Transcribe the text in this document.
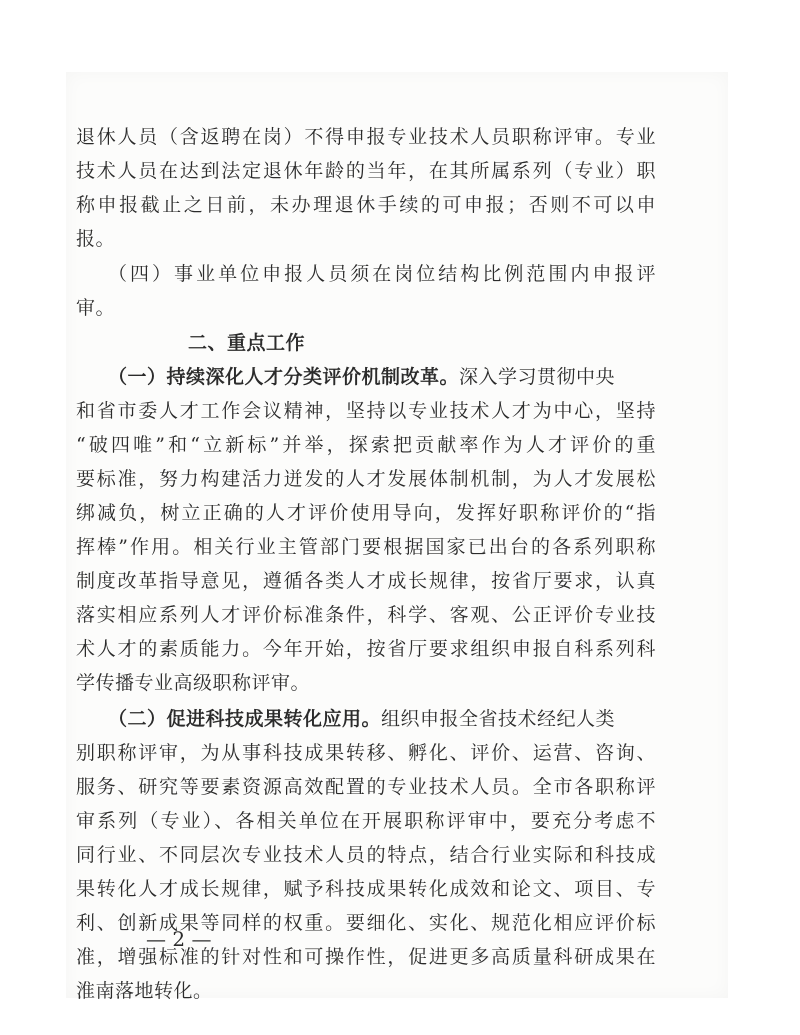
退休人员（含返聘在岗）不得申报专业技术人员职称评审。专业
技术人员在达到法定退休年龄的当年，在其所属系列（专业）职
称申报截止之日前，未办理退休手续的可申报；否则不可以申
报。
（四）事业单位申报人员须在岗位结构比例范围内申报评
审。
二、重点工作
（一）持续深化人才分类评价机制改革。深入学习贯彻中央
和省市委人才工作会议精神，坚持以专业技术人才为中心，坚持
“破四唯”和“立新标”并举，探索把贡献率作为人才评价的重
要标准，努力构建活力迸发的人才发展体制机制，为人才发展松
绑减负，树立正确的人才评价使用导向，发挥好职称评价的“指
挥棒”作用。相关行业主管部门要根据国家已出台的各系列职称
制度改革指导意见，遵循各类人才成长规律，按省厅要求，认真
落实相应系列人才评价标准条件，科学、客观、公正评价专业技
术人才的素质能力。今年开始，按省厅要求组织申报自科系列科
学传播专业高级职称评审。
（二）促进科技成果转化应用。组织申报全省技术经纪人类
别职称评审，为从事科技成果转移、孵化、评价、运营、咨询、
服务、研究等要素资源高效配置的专业技术人员。全市各职称评
审系列（专业）、各相关单位在开展职称评审中，要充分考虑不
同行业、不同层次专业技术人员的特点，结合行业实际和科技成
果转化人才成长规律，赋予科技成果转化成效和论文、项目、专
利、创新成果等同样的权重。要细化、实化、规范化相应评价标
准，增强标准的针对性和可操作性，促进更多高质量科研成果在
淮南落地转化。
— 2 —
